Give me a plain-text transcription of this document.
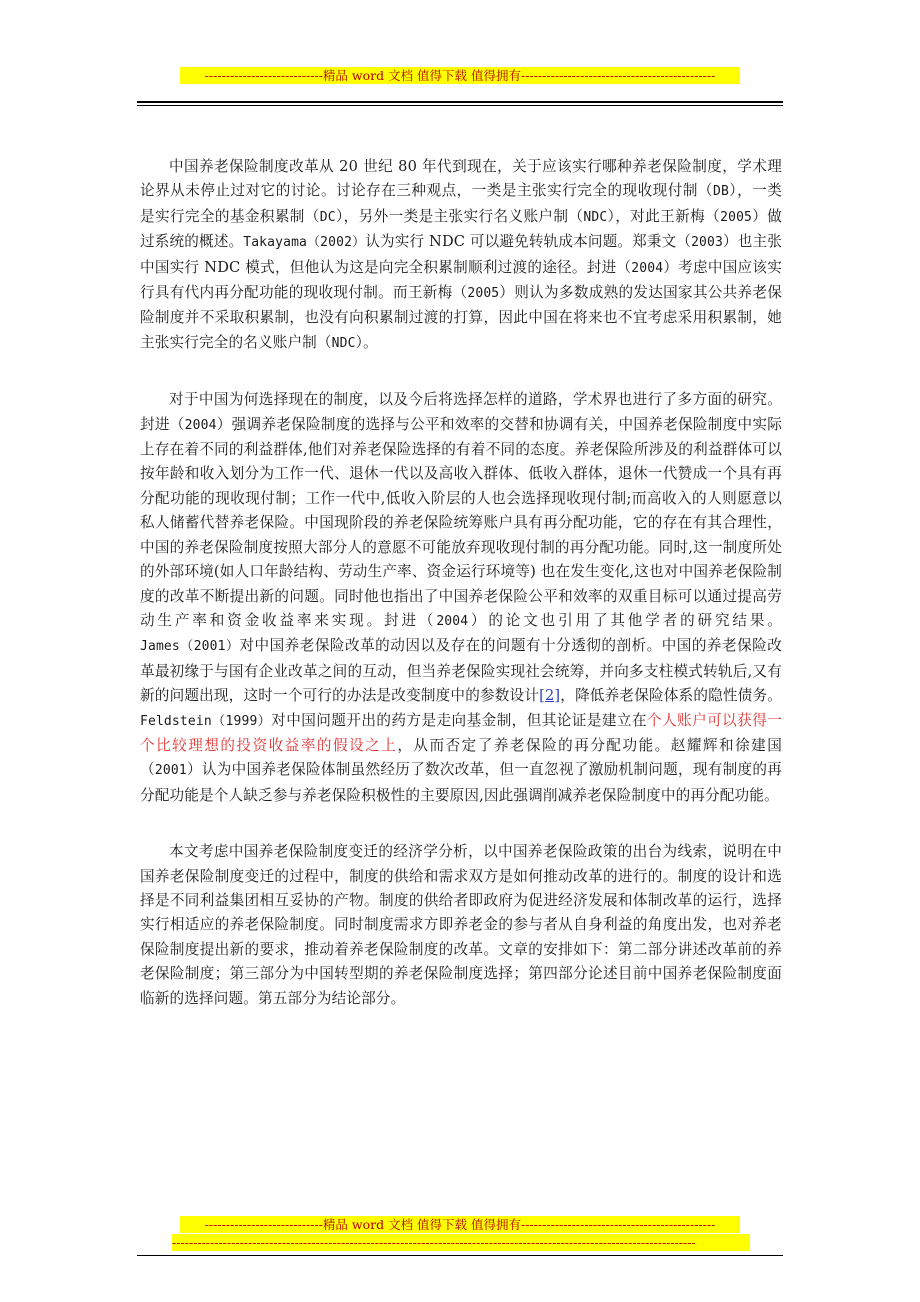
----------------------------精品 word 文档 值得下载 值得拥有----------------------------------------------

中国养老保险制度改革从 20 世纪 80 年代到现在，关于应该实行哪种养老保险制度，学术理论界从未停止过对它的讨论。讨论存在三种观点，一类是主张实行完全的现收现付制（DB），一类是实行完全的基金积累制（DC），另外一类是主张实行名义账户制（NDC），对此王新梅（2005）做过系统的概述。Takayama（2002）认为实行 NDC 可以避免转轨成本问题。郑秉文（2003）也主张中国实行 NDC 模式，但他认为这是向完全积累制顺利过渡的途径。封进（2004）考虑中国应该实行具有代内再分配功能的现收现付制。而王新梅（2005）则认为多数成熟的发达国家其公共养老保险制度并不采取积累制，也没有向积累制过渡的打算，因此中国在将来也不宜考虑采用积累制，她主张实行完全的名义账户制（NDC）。

对于中国为何选择现在的制度，以及今后将选择怎样的道路，学术界也进行了多方面的研究。封进（2004）强调养老保险制度的选择与公平和效率的交替和协调有关，中国养老保险制度中实际上存在着不同的利益群体,他们对养老保险选择的有着不同的态度。养老保险所涉及的利益群体可以按年龄和收入划分为工作一代、退休一代以及高收入群体、低收入群体，退休一代赞成一个具有再分配功能的现收现付制；工作一代中,低收入阶层的人也会选择现收现付制;而高收入的人则愿意以私人储蓄代替养老保险。中国现阶段的养老保险统筹账户具有再分配功能，它的存在有其合理性，中国的养老保险制度按照大部分人的意愿不可能放弃现收现付制的再分配功能。同时,这一制度所处的外部环境(如人口年龄结构、劳动生产率、资金运行环境等) 也在发生变化,这也对中国养老保险制度的改革不断提出新的问题。同时他也指出了中国养老保险公平和效率的双重目标可以通过提高劳动生产率和资金收益率来实现。封进（2004）的论文也引用了其他学者的研究结果。James（2001）对中国养老保险改革的动因以及存在的问题有十分透彻的剖析。中国的养老保险改革最初缘于与国有企业改革之间的互动，但当养老保险实现社会统筹，并向多支柱模式转轨后,又有新的问题出现，这时一个可行的办法是改变制度中的参数设计[2]，降低养老保险体系的隐性债务。Feldstein（1999）对中国问题开出的药方是走向基金制，但其论证是建立在个人账户可以获得一个比较理想的投资收益率的假设之上，从而否定了养老保险的再分配功能。赵耀辉和徐建国（2001）认为中国养老保险体制虽然经历了数次改革，但一直忽视了激励机制问题，现有制度的再分配功能是个人缺乏参与养老保险积极性的主要原因,因此强调削减养老保险制度中的再分配功能。

本文考虑中国养老保险制度变迁的经济学分析，以中国养老保险政策的出台为线索，说明在中国养老保险制度变迁的过程中，制度的供给和需求双方是如何推动改革的进行的。制度的设计和选择是不同利益集团相互妥协的产物。制度的供给者即政府为促进经济发展和体制改革的运行，选择实行相适应的养老保险制度。同时制度需求方即养老金的参与者从自身利益的角度出发，也对养老保险制度提出新的要求，推动着养老保险制度的改革。文章的安排如下：第二部分讲述改革前的养老保险制度；第三部分为中国转型期的养老保险制度选择；第四部分论述目前中国养老保险制度面临新的选择问题。第五部分为结论部分。

----------------------------精品 word 文档 值得下载 值得拥有----------------------------------------------
----------------------------------------------------------------------------------------------------------------------------
